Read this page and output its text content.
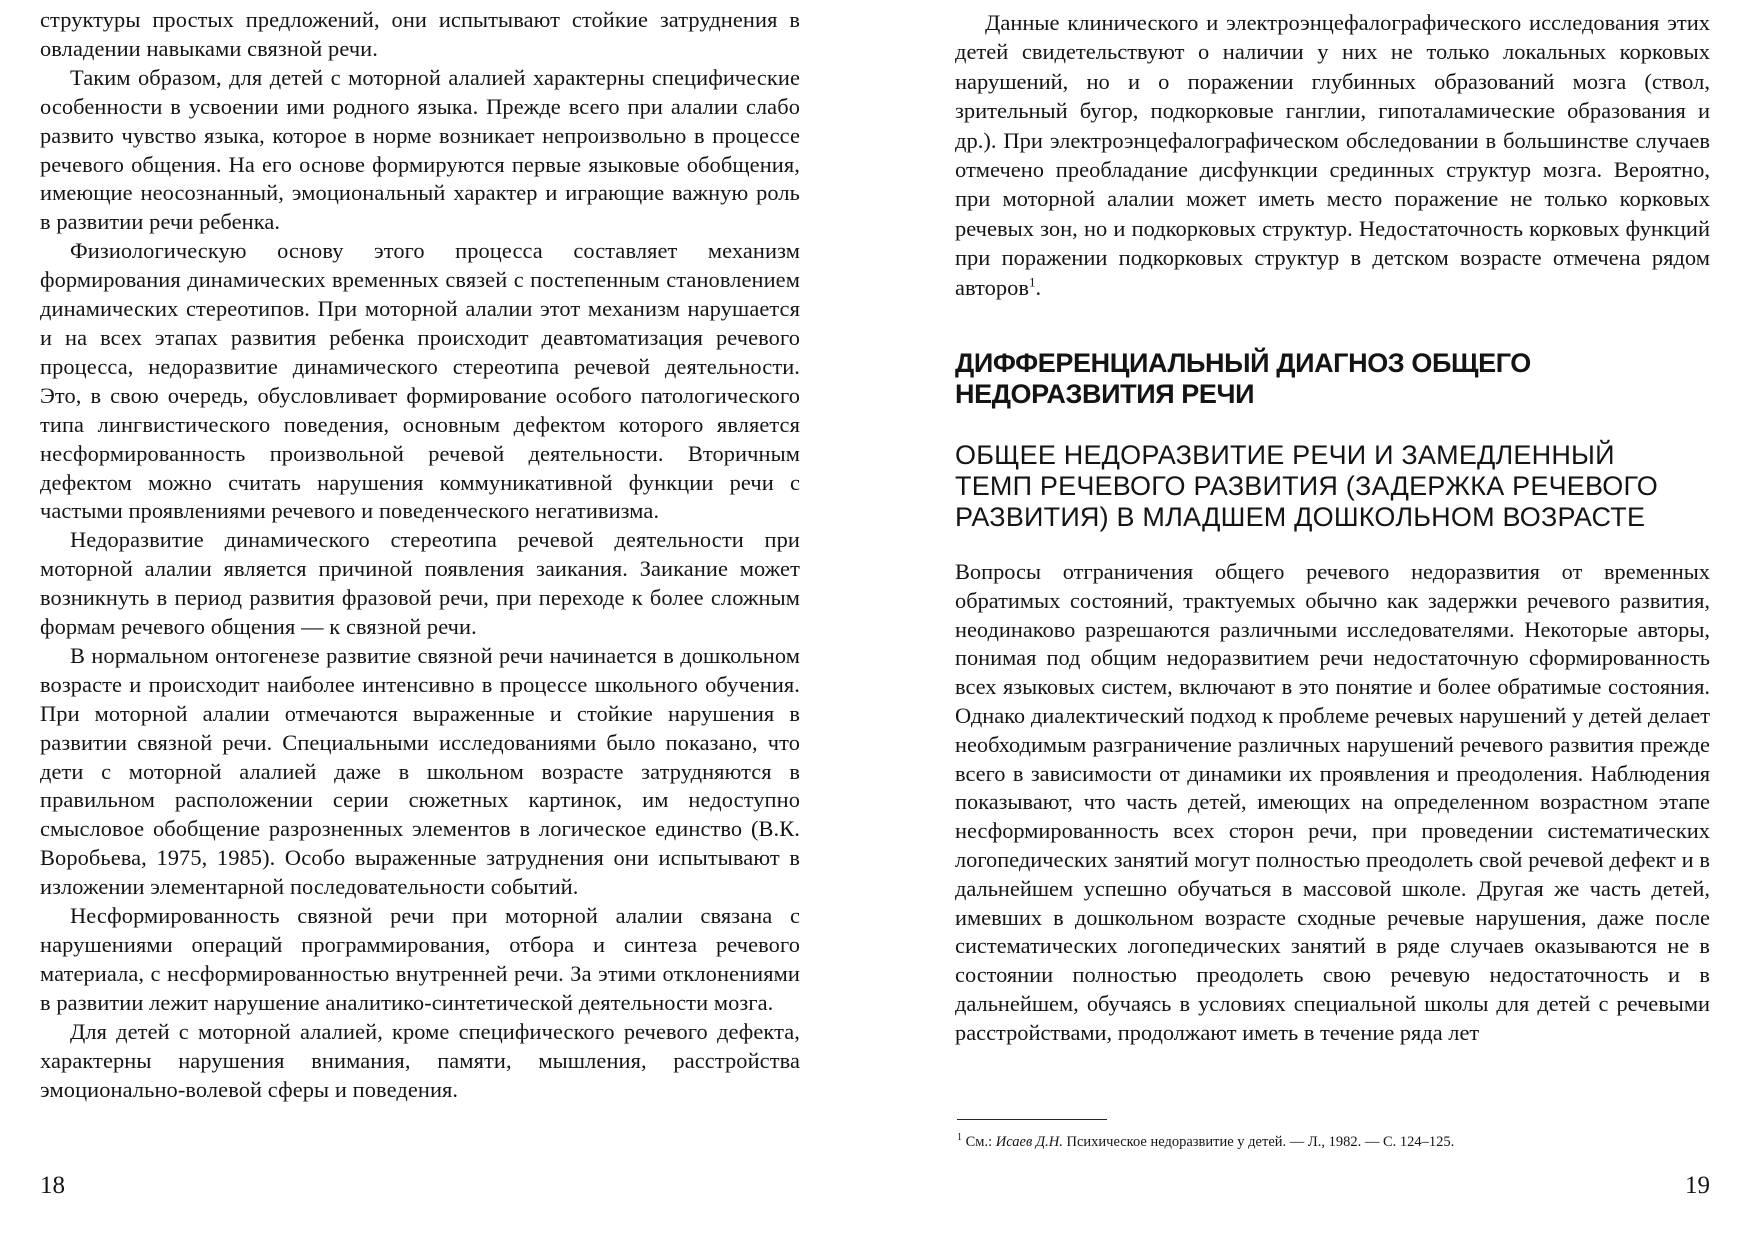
структуры простых предложений, они испытывают стойкие затруднения в овладении навыками связной речи.

Таким образом, для детей с моторной алалией характерны специфические особенности в усвоении ими родного языка. Прежде всего при алалии слабо развито чувство языка, которое в норме возникает непроизвольно в процессе речевого общения. На его основе формируются первые языковые обобщения, имеющие неосознанный, эмоциональный характер и играющие важную роль в развитии речи ребенка.

Физиологическую основу этого процесса составляет механизм формирования динамических временных связей с постепенным становлением динамических стереотипов. При моторной алалии этот механизм нарушается и на всех этапах развития ребенка происходит деавтоматизация речевого процесса, недоразвитие динамического стереотипа речевой деятельности. Это, в свою очередь, обусловливает формирование особого патологического типа лингвистического поведения, основным дефектом которого является несформированность произвольной речевой деятельности. Вторичным дефектом можно считать нарушения коммуникативной функции речи с частыми проявлениями речевого и поведенческого негативизма.

Недоразвитие динамического стереотипа речевой деятельности при моторной алалии является причиной появления заикания. Заикание может возникнуть в период развития фразовой речи, при переходе к более сложным формам речевого общения — к связной речи.

В нормальном онтогенезе развитие связной речи начинается в дошкольном возрасте и происходит наиболее интенсивно в процессе школьного обучения. При моторной алалии отмечаются выраженные и стойкие нарушения в развитии связной речи. Специальными исследованиями было показано, что дети с моторной алалией даже в школьном возрасте затрудняются в правильном расположении серии сюжетных картинок, им недоступно смысловое обобщение разрозненных элементов в логическое единство (В.К. Воробьева, 1975, 1985). Особо выраженные затруднения они испытывают в изложении элементарной последовательности событий.

Несформированность связной речи при моторной алалии связана с нарушениями операций программирования, отбора и синтеза речевого материала, с несформированностью внутренней речи. За этими отклонениями в развитии лежит нарушение аналитико-синтетической деятельности мозга.

Для детей с моторной алалией, кроме специфического речевого дефекта, характерны нарушения внимания, памяти, мышления, расстройства эмоционально-волевой сферы и поведения.

18

Данные клинического и электроэнцефалографического исследования этих детей свидетельствуют о наличии у них не только локальных корковых нарушений, но и о поражении глубинных образований мозга (ствол, зрительный бугор, подкорковые ганглии, гипоталамические образования и др.). При электроэнцефалографическом обследовании в большинстве случаев отмечено преобладание дисфункции срединных структур мозга. Вероятно, при моторной алалии может иметь место поражение не только корковых речевых зон, но и подкорковых структур. Недостаточность корковых функций при поражении подкорковых структур в детском возрасте отмечена рядом авторов$^1$.

ДИФФЕРЕНЦИАЛЬНЫЙ ДИАГНОЗ ОБЩЕГО
НЕДОРАЗВИТИЯ РЕЧИ
ОБЩЕЕ НЕДОРАЗВИТИЕ РЕЧИ И ЗАМЕДЛЕННЫЙ
ТЕМП РЕЧЕВОГО РАЗВИТИЯ (ЗАДЕРЖКА РЕЧЕВОГО
РАЗВИТИЯ) В МЛАДШЕМ ДОШКОЛЬНОМ ВОЗРАСТЕ

Вопросы отграничения общего речевого недоразвития от временных обратимых состояний, трактуемых обычно как задержки речевого развития, неодинаково разрешаются различными исследователями. Некоторые авторы, понимая под общим недоразвитием речи недостаточную сформированность всех языковых систем, включают в это понятие и более обратимые состояния. Однако диалектический подход к проблеме речевых нарушений у детей делает необходимым разграничение различных нарушений речевого развития прежде всего в зависимости от динамики их проявления и преодоления. Наблюдения показывают, что часть детей, имеющих на определенном возрастном этапе несформированность всех сторон речи, при проведении систематических логопедических занятий могут полностью преодолеть свой речевой дефект и в дальнейшем успешно обучаться в массовой школе. Другая же часть детей, имевших в дошкольном возрасте сходные речевые нарушения, даже после систематических логопедических занятий в ряде случаев оказываются не в состоянии полностью преодолеть свою речевую недостаточность и в дальнейшем, обучаясь в условиях специальной школы для детей с речевыми расстройствами, продолжают иметь в течение ряда лет

$^1$ См.: Исаев Д.Н. Психическое недоразвитие у детей. — Л., 1982. — С. 124–125.
19
